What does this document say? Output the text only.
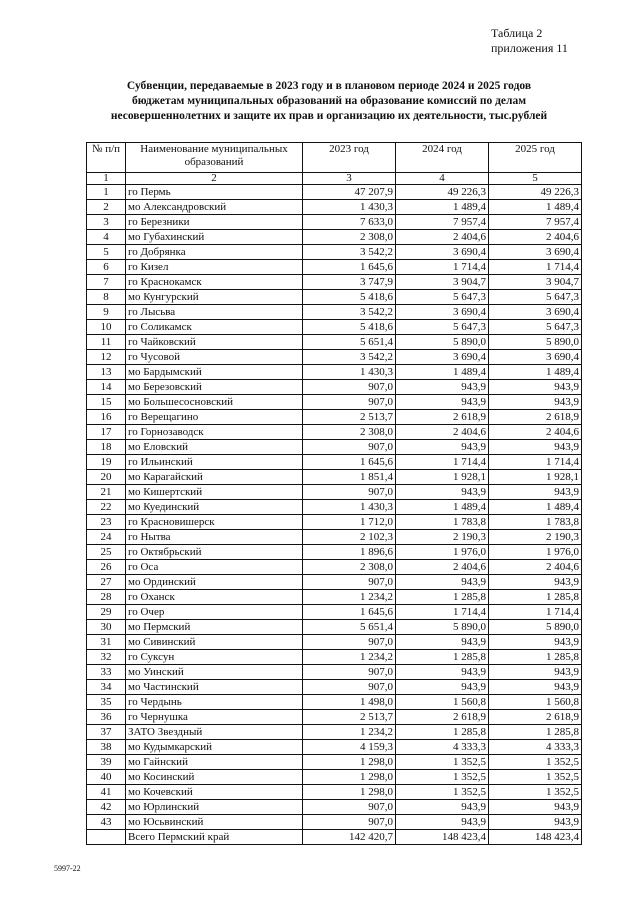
Таблица 2
приложения 11
Субвенции, передаваемые в 2023 году и в плановом периоде 2024 и 2025 годов
бюджетам муниципальных образований на образование комиссий по делам
несовершеннолетних и защите их прав и организацию их деятельности, тыс.рублей
№ п/п	Наименование муниципальных образований	2023 год	2024 год	2025 год
1	2	3	4	5
1	го Пермь	47 207,9	49 226,3	49 226,3
2	мо Александровский	1 430,3	1 489,4	1 489,4
3	го Березники	7 633,0	7 957,4	7 957,4
4	мо Губахинский	2 308,0	2 404,6	2 404,6
5	го Добрянка	3 542,2	3 690,4	3 690,4
6	го Кизел	1 645,6	1 714,4	1 714,4
7	го Краснокамск	3 747,9	3 904,7	3 904,7
8	мо Кунгурский	5 418,6	5 647,3	5 647,3
9	го Лысьва	3 542,2	3 690,4	3 690,4
10	го Соликамск	5 418,6	5 647,3	5 647,3
11	го Чайковский	5 651,4	5 890,0	5 890,0
12	го Чусовой	3 542,2	3 690,4	3 690,4
13	мо Бардымский	1 430,3	1 489,4	1 489,4
14	мо Березовский	907,0	943,9	943,9
15	мо Большесосновский	907,0	943,9	943,9
16	го Верещагино	2 513,7	2 618,9	2 618,9
17	го Горнозаводск	2 308,0	2 404,6	2 404,6
18	мо Еловский	907,0	943,9	943,9
19	го Ильинский	1 645,6	1 714,4	1 714,4
20	мо Карагайский	1 851,4	1 928,1	1 928,1
21	мо Кишертский	907,0	943,9	943,9
22	мо Куединский	1 430,3	1 489,4	1 489,4
23	го Красновишерск	1 712,0	1 783,8	1 783,8
24	го Нытва	2 102,3	2 190,3	2 190,3
25	го Октябрьский	1 896,6	1 976,0	1 976,0
26	го Оса	2 308,0	2 404,6	2 404,6
27	мо Ординский	907,0	943,9	943,9
28	го Оханск	1 234,2	1 285,8	1 285,8
29	го Очер	1 645,6	1 714,4	1 714,4
30	мо Пермский	5 651,4	5 890,0	5 890,0
31	мо Сивинский	907,0	943,9	943,9
32	го Суксун	1 234,2	1 285,8	1 285,8
33	мо Уинский	907,0	943,9	943,9
34	мо Частинский	907,0	943,9	943,9
35	го Чердынь	1 498,0	1 560,8	1 560,8
36	го Чернушка	2 513,7	2 618,9	2 618,9
37	ЗАТО Звездный	1 234,2	1 285,8	1 285,8
38	мо Кудымкарский	4 159,3	4 333,3	4 333,3
39	мо Гайнский	1 298,0	1 352,5	1 352,5
40	мо Косинский	1 298,0	1 352,5	1 352,5
41	мо Кочевский	1 298,0	1 352,5	1 352,5
42	мо Юрлинский	907,0	943,9	943,9
43	мо Юсьвинский	907,0	943,9	943,9
	Всего Пермский край	142 420,7	148 423,4	148 423,4
5997-22
